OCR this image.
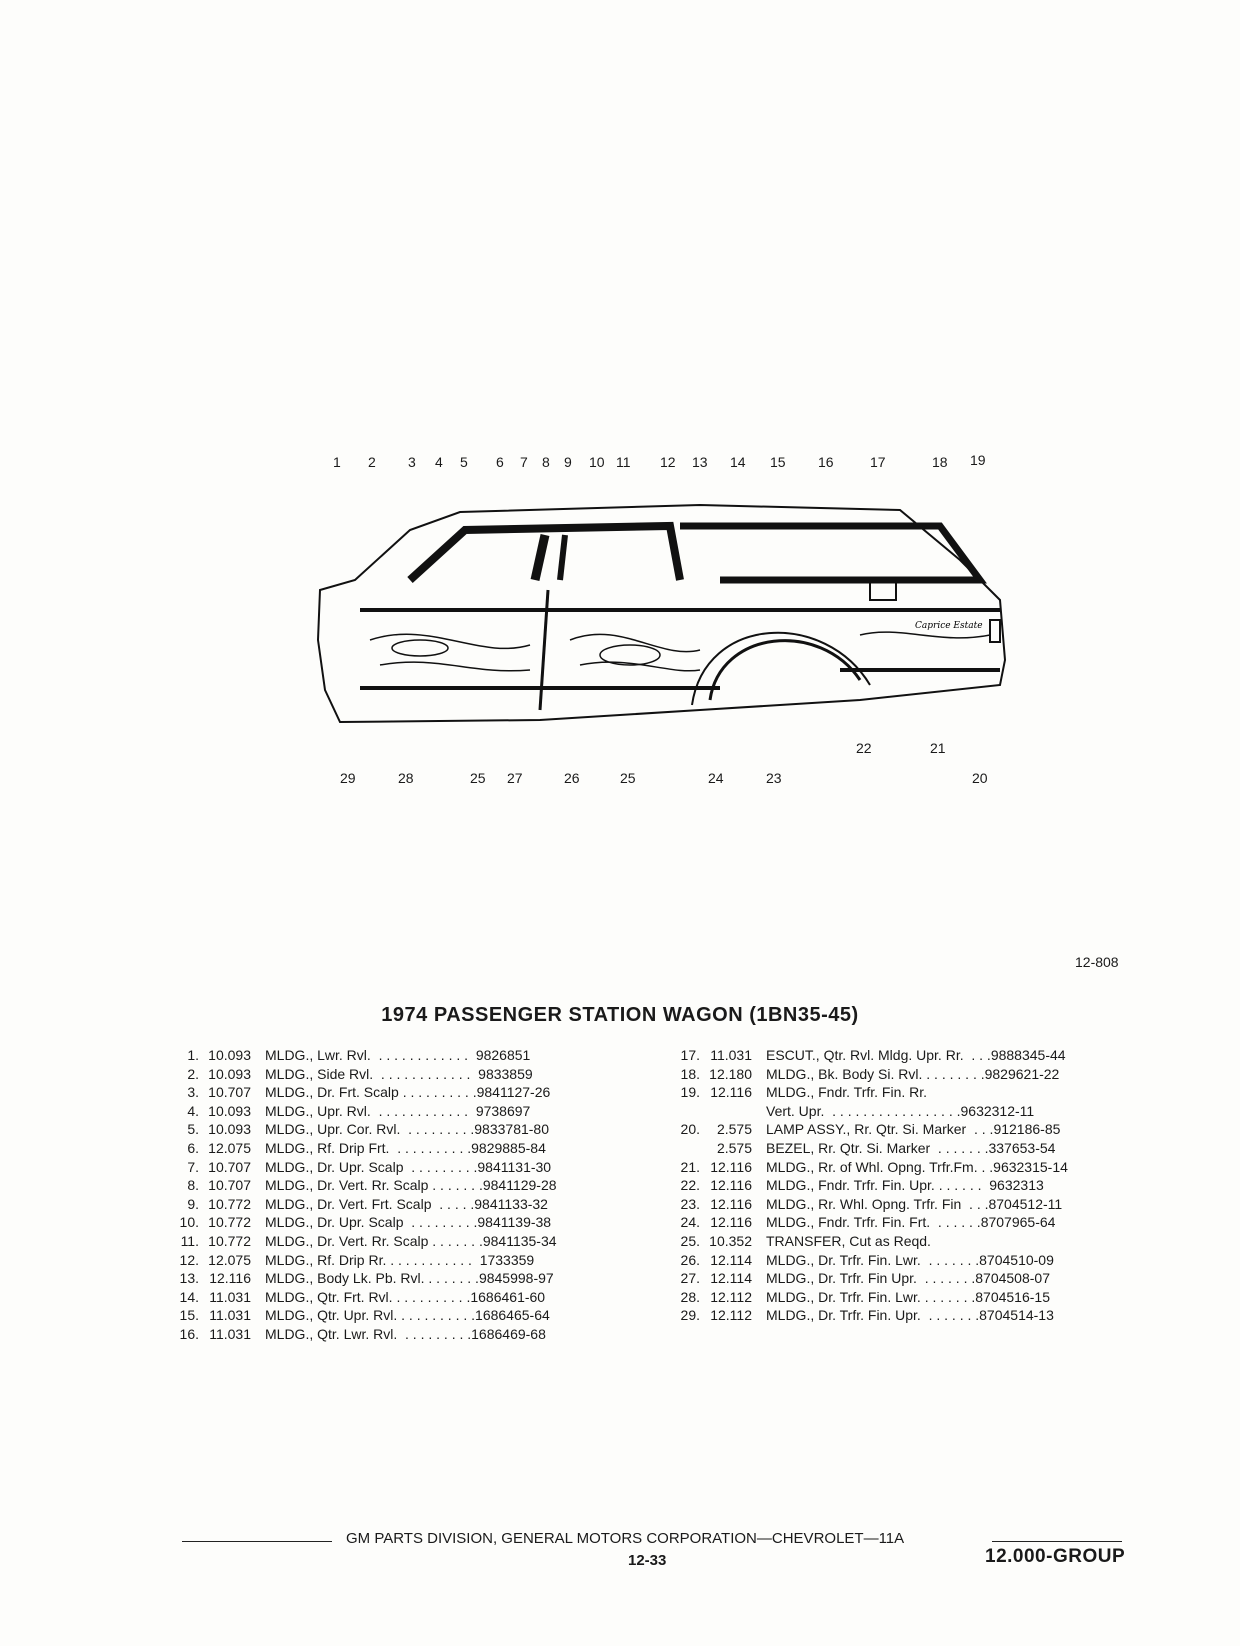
Caprice Estate
1 2 3 4 5 6 7 8 9 10 11 12 13 14 15 16	17	18 19
29	28	25 27	26	25	24	23
22	21
20
12-808
1974 PASSENGER STATION WAGON (1BN35-45)
1. 10.093 MLDG., Lwr. Rvl.  . . . . . . . . . . . .  9826851
2. 10.093 MLDG., Side Rvl.  . . . . . . . . . . . .  9833859
3. 10.707 MLDG., Dr. Frt. Scalp . . . . . . . . . .9841127-26
4. 10.093 MLDG., Upr. Rvl.  . . . . . . . . . . . .  9738697
5. 10.093 MLDG., Upr. Cor. Rvl.  . . . . . . . . .9833781-80
6. 12.075 MLDG., Rf. Drip Frt.  . . . . . . . . . .9829885-84
7. 10.707 MLDG., Dr. Upr. Scalp  . . . . . . . . .9841131-30
8. 10.707 MLDG., Dr. Vert. Rr. Scalp . . . . . . .9841129-28
9. 10.772 MLDG., Dr. Vert. Frt. Scalp  . . . . .9841133-32
10. 10.772 MLDG., Dr. Upr. Scalp  . . . . . . . . .9841139-38
11. 10.772 MLDG., Dr. Vert. Rr. Scalp . . . . . . .9841135-34
12. 12.075 MLDG., Rf. Drip Rr. . . . . . . . . . . .  1733359
13. 12.116 MLDG., Body Lk. Pb. Rvl. . . . . . . .9845998-97
14. 11.031 MLDG., Qtr. Frt. Rvl. . . . . . . . . . .1686461-60
15. 11.031 MLDG., Qtr. Upr. Rvl. . . . . . . . . . .1686465-64
16. 11.031 MLDG., Qtr. Lwr. Rvl.  . . . . . . . . .1686469-68
17. 11.031 ESCUT., Qtr. Rvl. Mldg. Upr. Rr.  . . .9888345-44
18. 12.180 MLDG., Bk. Body Si. Rvl. . . . . . . . .9829621-22
19. 12.116 MLDG., Fndr. Trfr. Fin. Rr.
Vert. Upr.  . . . . . . . . . . . . . . . . .9632312-11
20.	2.575 LAMP ASSY., Rr. Qtr. Si. Marker  . . .912186-85
2.575 BEZEL, Rr. Qtr. Si. Marker  . . . . . . .337653-54
21. 12.116 MLDG., Rr. of Whl. Opng. Trfr.Fm. . .9632315-14
22. 12.116 MLDG., Fndr. Trfr. Fin. Upr. . . . . . .  9632313
23. 12.116 MLDG., Rr. Whl. Opng. Trfr. Fin  . . .8704512-11
24. 12.116 MLDG., Fndr. Trfr. Fin. Frt.  . . . . . .8707965-64
25. 10.352 TRANSFER, Cut as Reqd.
26. 12.114 MLDG., Dr. Trfr. Fin. Lwr.  . . . . . . .8704510-09
27. 12.114 MLDG., Dr. Trfr. Fin Upr.  . . . . . . .8704508-07
28. 12.112 MLDG., Dr. Trfr. Fin. Lwr. . . . . . . .8704516-15
29. 12.112 MLDG., Dr. Trfr. Fin. Upr.  . . . . . . .8704514-13
GM PARTS DIVISION, GENERAL MOTORS CORPORATION—CHEVROLET—11A
12-33	12.000-GROUP
